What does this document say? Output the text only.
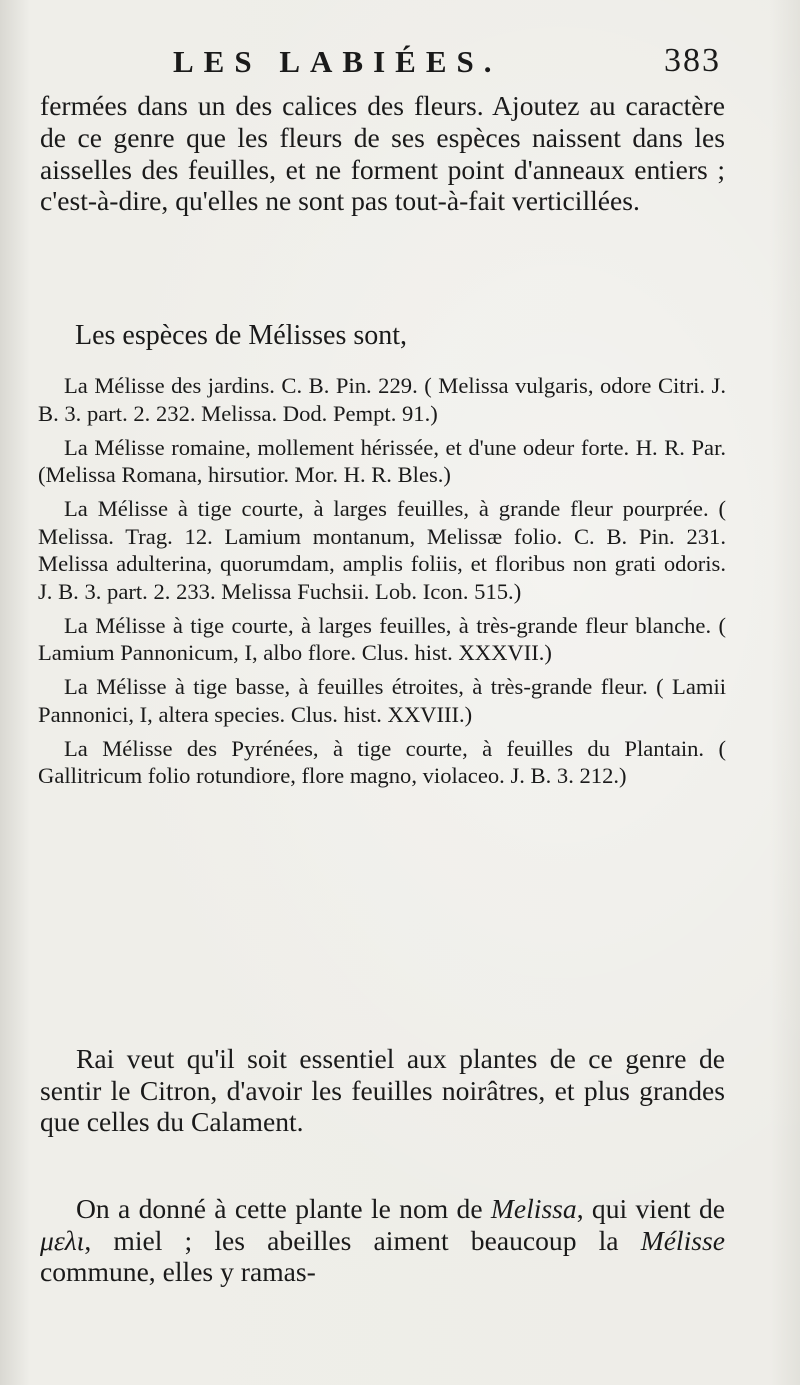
LES LABIÉES.	383

fermées dans un des calices des fleurs. Ajoutez au caractère de ce genre que les fleurs de ses espèces naissent dans les aisselles des feuilles, et ne forment point d'anneaux entiers ; c'est-à-dire, qu'elles ne sont pas tout-à-fait verticillées.

Les espèces de Mélisses sont,

La Mélisse des jardins. C. B. Pin. 229. ( Melissa vulgaris, odore Citri. J. B. 3. part. 2. 232. Melissa. Dod. Pempt. 91.)

La Mélisse romaine, mollement hérissée, et d'une odeur forte. H. R. Par. (Melissa Romana, hirsutior. Mor. H. R. Bles.)

La Mélisse à tige courte, à larges feuilles, à grande fleur pourprée. ( Melissa. Trag. 12. Lamium montanum, Melissæ folio. C. B. Pin. 231. Melissa adulterina, quorumdam, amplis foliis, et floribus non grati odoris. J. B. 3. part. 2. 233. Melissa Fuchsii. Lob. Icon. 515.)

La Mélisse à tige courte, à larges feuilles, à très-grande fleur blanche. ( Lamium Pannonicum, I, albo flore. Clus. hist. XXXVII.)

La Mélisse à tige basse, à feuilles étroites, à très-grande fleur. ( Lamii Pannonici, I, altera species. Clus. hist. XXVIII.)

La Mélisse des Pyrénées, à tige courte, à feuilles du Plantain. ( Gallitricum folio rotundiore, flore magno, violaceo. J. B. 3. 212.)

Rai veut qu'il soit essentiel aux plantes de ce genre de sentir le Citron, d'avoir les feuilles noirâtres, et plus grandes que celles du Calament.

On a donné à cette plante le nom de Melissa, qui vient de μελι, miel ; les abeilles aiment beaucoup la Mélisse commune, elles y ramas-
